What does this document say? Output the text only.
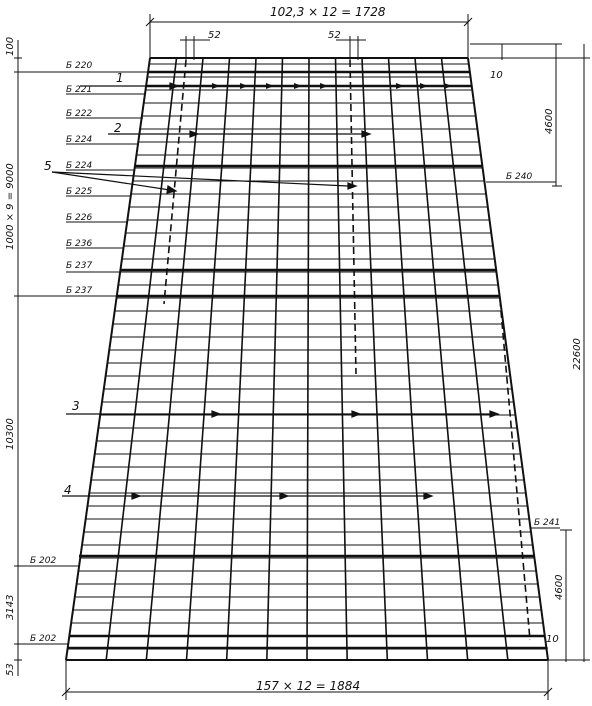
102,3 × 12 = 1728
157 × 12 = 1884
52	52
10
10
100
1000 × 9 = 9000
10300
3143
53
22600
4600
4600
Б 220
Б 221
Б 222
Б 224
Б 224
Б 225
Б 226
Б 236
Б 237
Б 237
Б 202
Б 202
Б 240
Б 241
1
2
5
3
4
